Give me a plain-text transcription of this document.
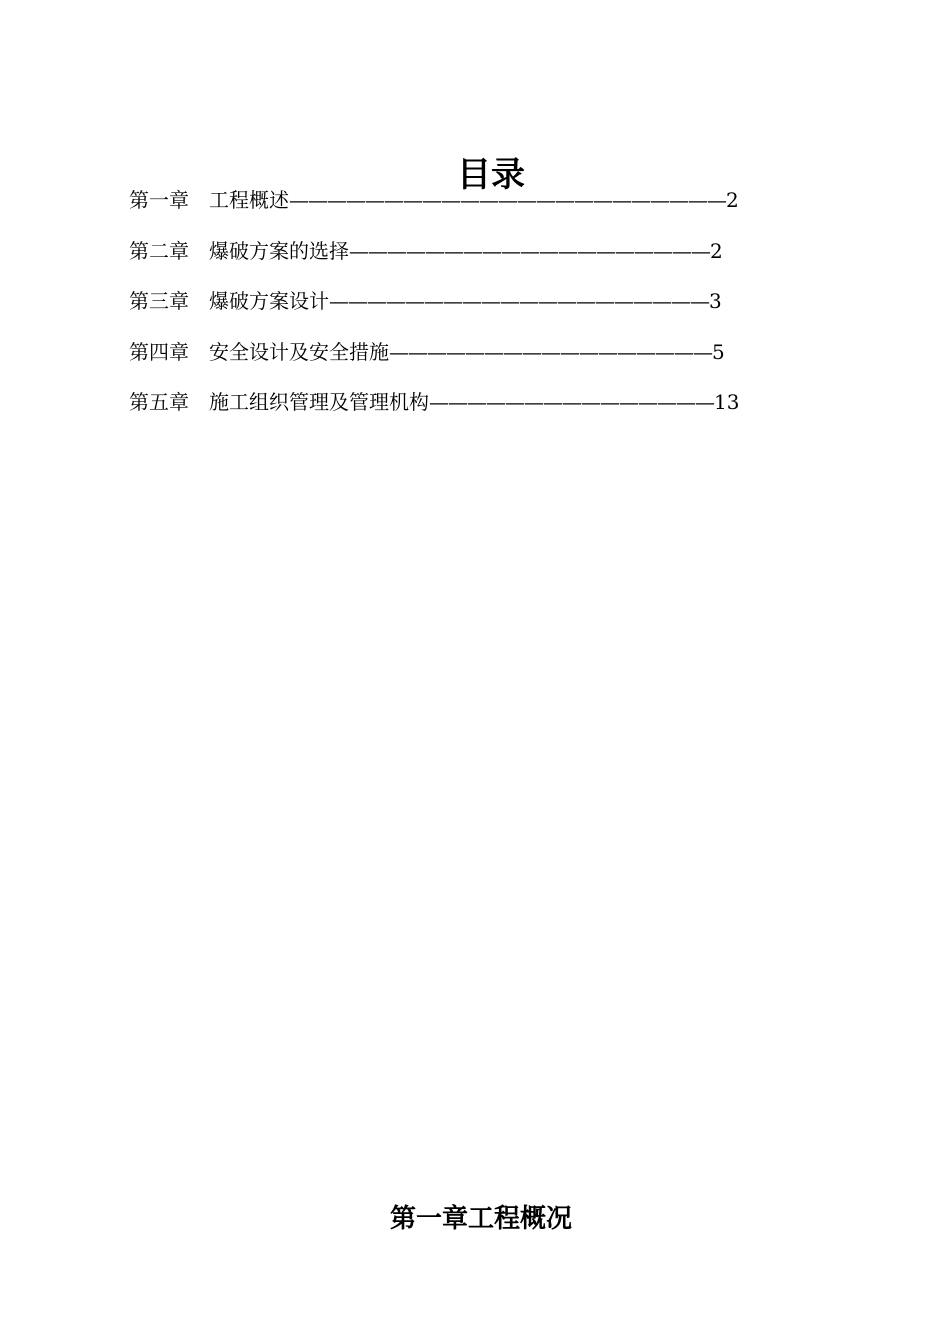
目录
第一章 工程概述———————————————————————2
第二章 爆破方案的选择———————————————————2
第三章 爆破方案设计————————————————————3
第四章 安全设计及安全措施—————————————————5
第五章 施工组织管理及管理机构———————————————13
第一章工程概况
